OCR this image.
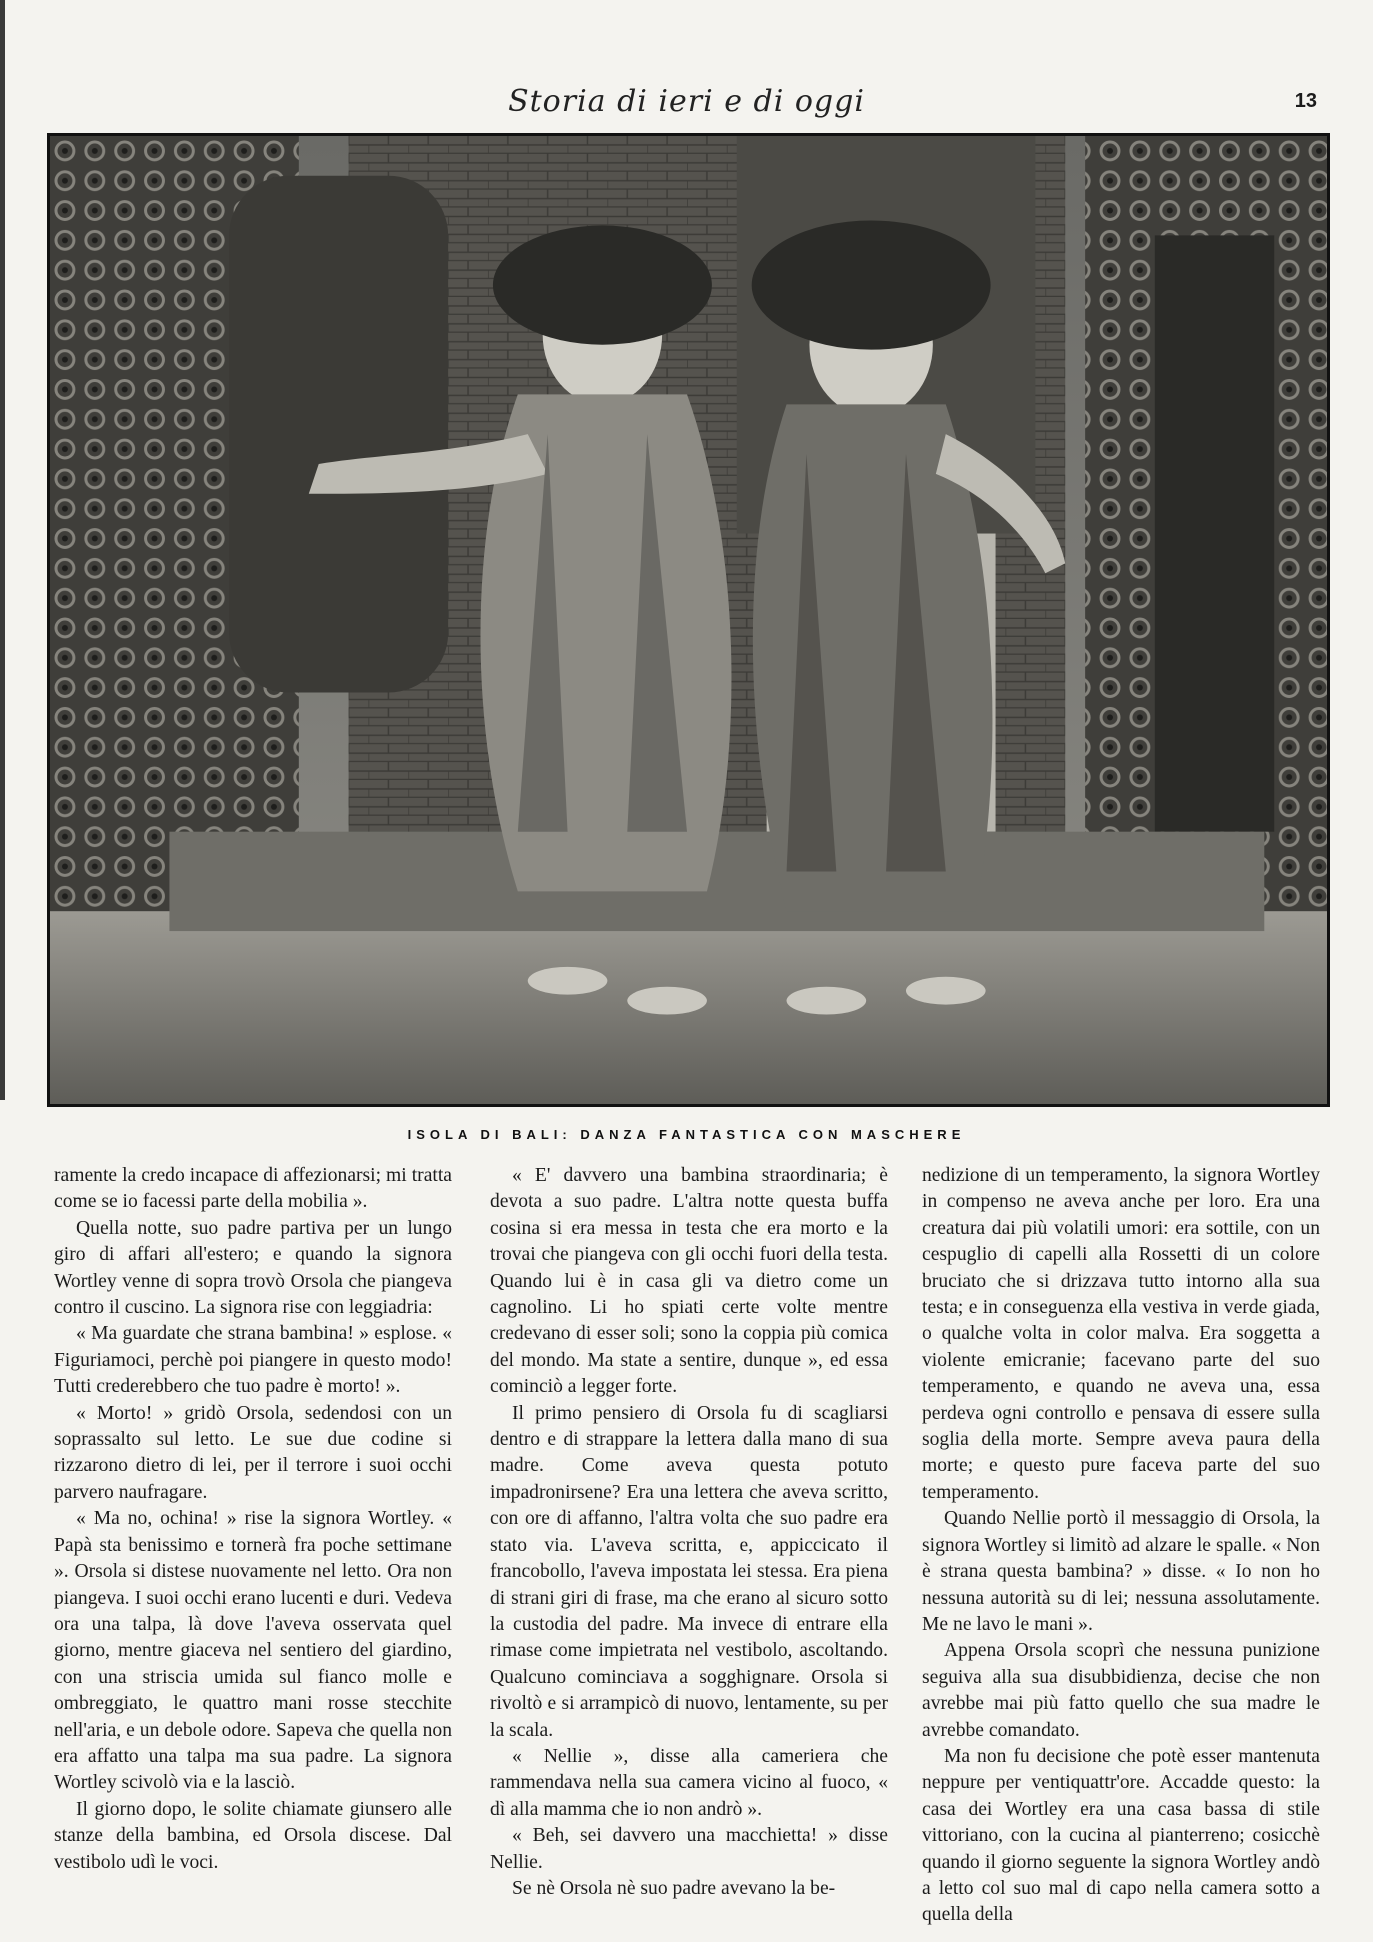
Storia di ieri e di oggi	13
ISOLA DI BALI: DANZA FANTASTICA CON MASCHERE

ramente la credo incapace di affezionarsi; mi tratta come se io facessi parte della mobilia ».

Quella notte, suo padre partiva per un lungo giro di affari all'estero; e quando la signora Wortley venne di sopra trovò Orsola che piangeva contro il cuscino. La signora rise con leggiadria:

« Ma guardate che strana bambina! » esplose. « Figuriamoci, perchè poi piangere in questo modo! Tutti crederebbero che tuo padre è morto! ».

« Morto! » gridò Orsola, sedendosi con un soprassalto sul letto. Le sue due codine si rizzarono dietro di lei, per il terrore i suoi occhi parvero naufragare.

« Ma no, ochina! » rise la signora Wortley. « Papà sta benissimo e tornerà fra poche settimane ». Orsola si distese nuovamente nel letto. Ora non piangeva. I suoi occhi erano lucenti e duri. Vedeva ora una talpa, là dove l'aveva osservata quel giorno, mentre giaceva nel sentiero del giardino, con una striscia umida sul fianco molle e ombreggiato, le quattro mani rosse stecchite nell'aria, e un debole odore. Sapeva che quella non era affatto una talpa ma sua padre. La signora Wortley scivolò via e la lasciò.

Il giorno dopo, le solite chiamate giunsero alle stanze della bambina, ed Orsola discese. Dal vestibolo udì le voci.

« E' davvero una bambina straordinaria; è devota a suo padre. L'altra notte questa buffa cosina si era messa in testa che era morto e la trovai che piangeva con gli occhi fuori della testa. Quando lui è in casa gli va dietro come un cagnolino. Li ho spiati certe volte mentre credevano di esser soli; sono la coppia più comica del mondo. Ma state a sentire, dunque », ed essa cominciò a legger forte.

Il primo pensiero di Orsola fu di scagliarsi dentro e di strappare la lettera dalla mano di sua madre. Come aveva questa potuto impadronirsene? Era una lettera che aveva scritto, con ore di affanno, l'altra volta che suo padre era stato via. L'aveva scritta, e, appiccicato il francobollo, l'aveva impostata lei stessa. Era piena di strani giri di frase, ma che erano al sicuro sotto la custodia del padre. Ma invece di entrare ella rimase come impietrata nel vestibolo, ascoltando. Qualcuno cominciava a sogghignare. Orsola si rivoltò e si arrampicò di nuovo, lentamente, su per la scala.

« Nellie », disse alla cameriera che rammendava nella sua camera vicino al fuoco, « dì alla mamma che io non andrò ».

« Beh, sei davvero una macchietta! » disse Nellie.

Se nè Orsola nè suo padre avevano la be-

nedizione di un temperamento, la signora Wortley in compenso ne aveva anche per loro. Era una creatura dai più volatili umori: era sottile, con un cespuglio di capelli alla Rossetti di un colore bruciato che si drizzava tutto intorno alla sua testa; e in conseguenza ella vestiva in verde giada, o qualche volta in color malva. Era soggetta a violente emicranie; facevano parte del suo temperamento, e quando ne aveva una, essa perdeva ogni controllo e pensava di essere sulla soglia della morte. Sempre aveva paura della morte; e questo pure faceva parte del suo temperamento.

Quando Nellie portò il messaggio di Orsola, la signora Wortley si limitò ad alzare le spalle. « Non è strana questa bambina? » disse. « Io non ho nessuna autorità su di lei; nessuna assolutamente. Me ne lavo le mani ».

Appena Orsola scoprì che nessuna punizione seguiva alla sua disubbidienza, decise che non avrebbe mai più fatto quello che sua madre le avrebbe comandato.

Ma non fu decisione che potè esser mantenuta neppure per ventiquattr'ore. Accadde questo: la casa dei Wortley era una casa bassa di stile vittoriano, con la cucina al pianterreno; cosicchè quando il giorno seguente la signora Wortley andò a letto col suo mal di capo nella camera sotto a quella della
